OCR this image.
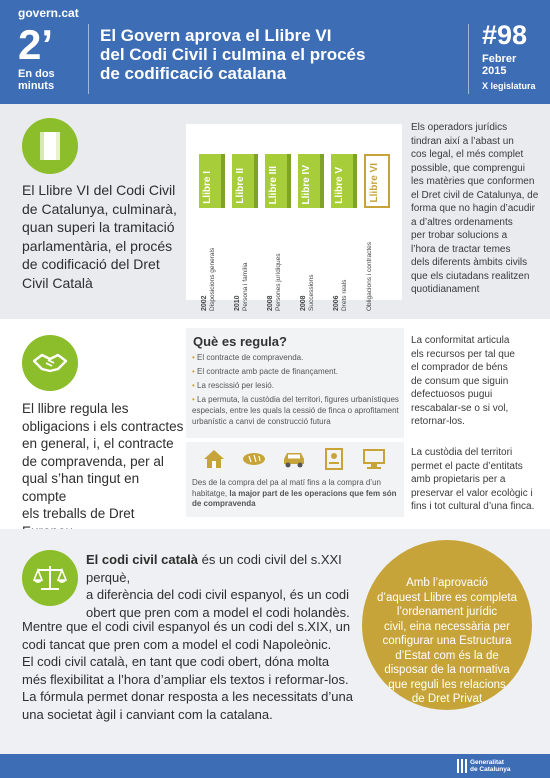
govern.cat
2’
En dos
minuts
El Govern aprova el Llibre VI
del Codi Civil i culmina el procés
de codificació catalana
#98
Febrer
2015
X legislatura
El Llibre VI del Codi Civil
de Catalunya, culminarà,
quan superi la tramitació
parlamentària, el procés
de codificació del Dret
Civil Català
Llibre I
2002 Disposicions generals
Llibre II
2010 Persona i família
Llibre III
2008 Persones jurídiques
Llibre IV
2008 Successions
Llibre V
2006 Drets reals
Llibre VI
Obligacions i contractes
Els operadors jurídics
tindran així a l’abast un
cos legal, el més complet
possible, que comprengui
les matèries que conformen
el Dret civil de Catalunya, de
forma que no hagin d’acudir
a d’altres ordenaments
per trobar solucions a
l’hora de tractar temes
dels diferents àmbits civils
que els ciutadans realitzen
quotidianament
El llibre regula les
obligacions i els contractes
en general, i, el contracte
de compravenda, per al
qual s’han tingut en compte
els treballs de Dret
Què es regula?
• El contracte de compravenda.
• El contracte amb pacte de finançament.
• La rescissió per lesió.
• La permuta, la custòdia del territori, figures urbanístiques especials, entre les quals la cessió de finca o aprofitament urbanístic a canvi de construcció futura
Des de la compra del pa al matí fins a la compra d’un habitatge, la major part de les operacions que fem són de compravenda
La conformitat articula
els recursos per tal que
el comprador de béns
de consum que siguin
defectuosos pugui
rescabalar-se o si vol,
retornar-los.
La custòdia del territori
permet el pacte d’entitats
amb propietaris per a
preservar el valor ecològic i
fins i tot cultural d’una finca.
El codi civil català és un codi civil del s.XXI perquè,
a diferència del codi civil espanyol, és un codi
obert que pren com a model el codi holandès.
Mentre que el codi civil espanyol és un codi del s.XIX, un
codi tancat que pren com a model el codi Napoleònic.
El codi civil català, en tant que codi obert, dóna molta
més flexibilitat a l’hora d’ampliar els textos i reformar-los.
La fórmula permet donar resposta a les necessitats d’una
una societat àgil i canviant com la catalana.
Amb l’aprovació
d’aquest Llibre es completa
l’ordenament jurídic
civil, eina necessària per
configurar una Estructura
d’Estat com és la de
disposar de la normativa
que reguli les relacions
de Dret Privat
Generalitat
de Catalunya
